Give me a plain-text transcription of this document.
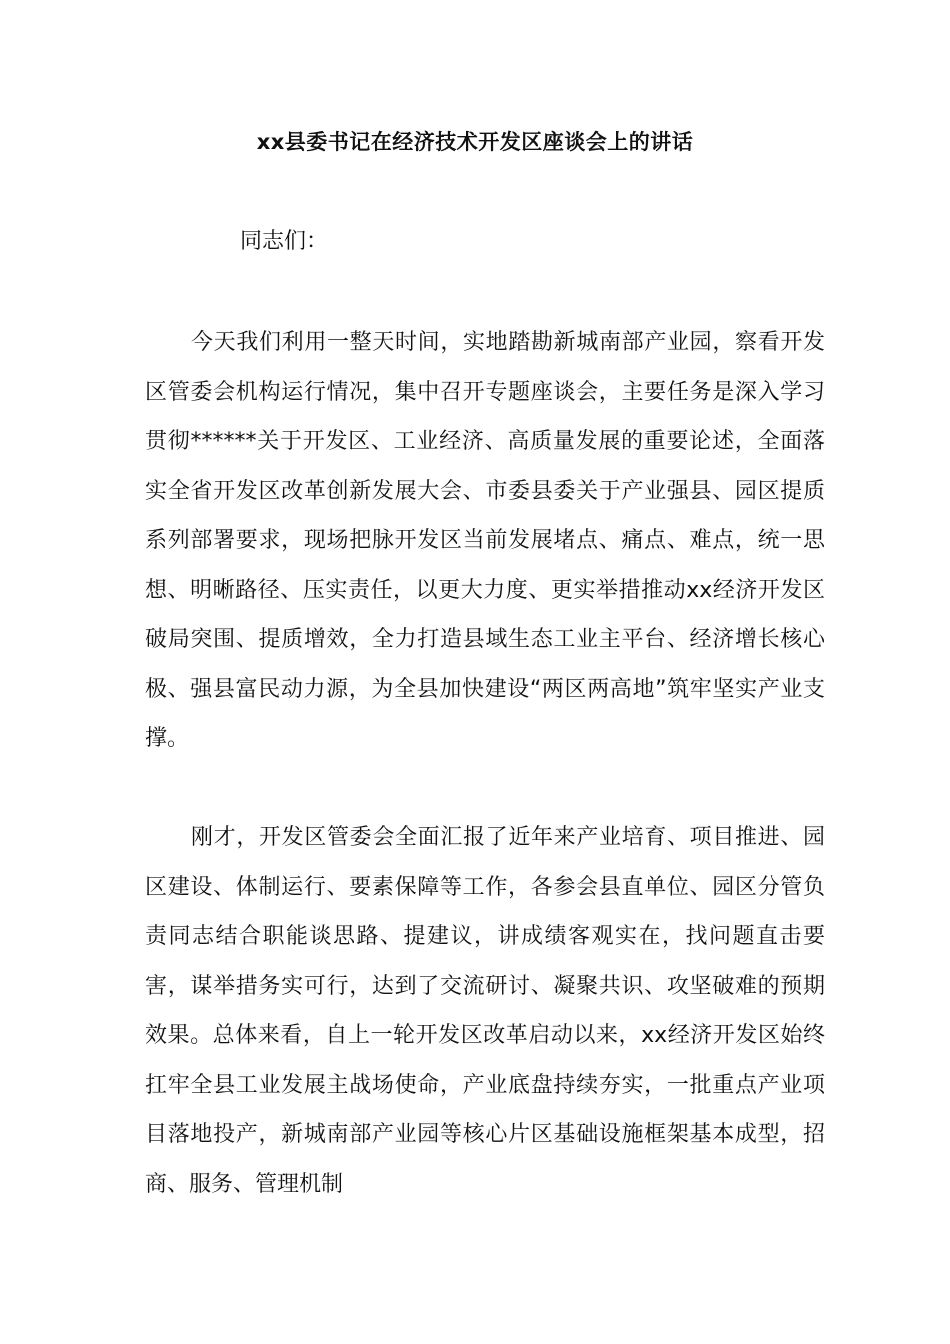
xx县委书记在经济技术开发区座谈会上的讲话
同志们：

今天我们利用一整天时间，实地踏勘新城南部产业园，察看开发区管委会机构运行情况，集中召开专题座谈会，主要任务是深入学习贯彻******关于开发区、工业经济、高质量发展的重要论述，全面落实全省开发区改革创新发展大会、市委县委关于产业强县、园区提质系列部署要求，现场把脉开发区当前发展堵点、痛点、难点，统一思想、明晰路径、压实责任，以更大力度、更实举措推动xx经济开发区破局突围、提质增效，全力打造县域生态工业主平台、经济增长核心极、强县富民动力源，为全县加快建设“两区两高地”筑牢坚实产业支撑。

刚才，开发区管委会全面汇报了近年来产业培育、项目推进、园区建设、体制运行、要素保障等工作，各参会县直单位、园区分管负责同志结合职能谈思路、提建议，讲成绩客观实在，找问题直击要害，谋举措务实可行，达到了交流研讨、凝聚共识、攻坚破难的预期效果。总体来看，自上一轮开发区改革启动以来，xx经济开发区始终扛牢全县工业发展主战场使命，产业底盘持续夯实，一批重点产业项目落地投产，新城南部产业园等核心片区基础设施框架基本成型，招商、服务、管理机制
